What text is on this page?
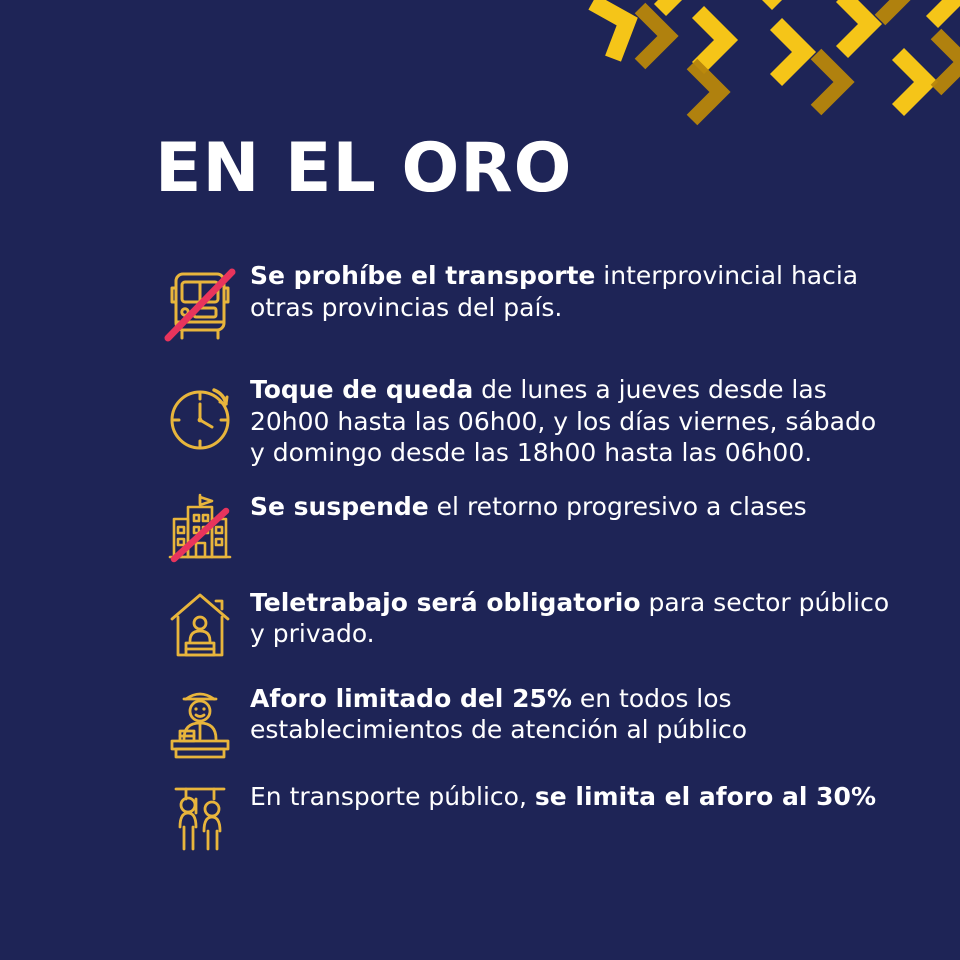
EN EL ORO
Se prohíbe el transporte interprovincial hacia otras provincias del país.
Toque de queda de lunes a jueves desde las 20h00 hasta las 06h00, y los días viernes, sábado y domingo desde las 18h00 hasta las 06h00.
Se suspende el retorno progresivo a clases
Teletrabajo será obligatorio para sector público y privado.
Aforo limitado del 25% en todos los establecimientos de atención al público
En transporte público, se limita el aforo al 30%
